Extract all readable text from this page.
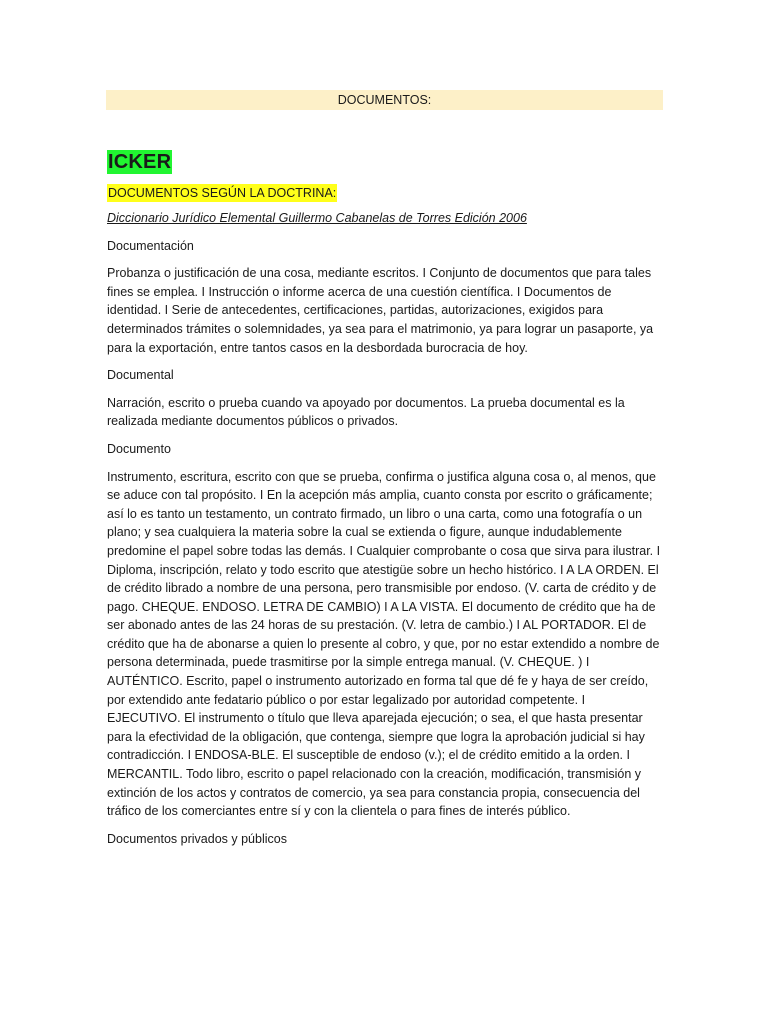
DOCUMENTOS:
ICKER
DOCUMENTOS SEGÚN LA DOCTRINA:

Diccionario Jurídico Elemental Guillermo Cabanelas de Torres Edición 2006

Documentación

Probanza o justificación de una cosa, mediante escritos. I Conjunto de documentos que para tales fines se emplea. I Instrucción o informe acerca de una cuestión científica. I Documentos de identidad. I Serie de antecedentes, certificaciones, partidas, autorizaciones, exigidos para determinados trámites o solemnidades, ya sea para el matrimonio, ya para lograr un pasaporte, ya para la exportación, entre tantos casos en la desbordada burocracia de hoy.

Documental

Narración, escrito o prueba cuando va apoyado por documentos. La prueba documental es la realizada mediante documentos públicos o privados.

Documento

Instrumento, escritura, escrito con que se prueba, confirma o justifica alguna cosa o, al menos, que se aduce con tal propósito. I En la acepción más amplia, cuanto consta por escrito o gráficamente; así lo es tanto un testamento, un contrato firmado, un libro o una carta, como una fotografía o un plano; y sea cualquiera la materia sobre la cual se extienda o figure, aunque indudablemente predomine el papel sobre todas las demás. I Cualquier comprobante o cosa que sirva para ilustrar. I Diploma, inscripción, relato y todo escrito que atestigüe sobre un hecho histórico. I A LA ORDEN. El de crédito librado a nombre de una persona, pero transmisible por endoso. (V. carta de crédito y de pago. CHEQUE. ENDOSO. LETRA DE CAMBIO) I A LA VISTA. El documento de crédito que ha de ser abonado antes de las 24 horas de su prestación. (V. letra de cambio.) I AL PORTADOR. El de crédito que ha de abonarse a quien lo presente al cobro, y que, por no estar extendido a nombre de persona determinada, puede trasmitirse por la simple entrega manual. (V. CHEQUE. ) I AUTÉNTICO. Escrito, papel o instrumento autorizado en forma tal que dé fe y haya de ser creído, por extendido ante fedatario público o por estar legalizado por autoridad competente. I EJECUTIVO. El instrumento o título que lleva aparejada ejecución; o sea, el que hasta presentar para la efectividad de la obligación, que contenga, siempre que logra la aprobación judicial si hay contradicción. I ENDOSA-BLE. El susceptible de endoso (v.); el de crédito emitido a la orden. I MERCANTIL. Todo libro, escrito o papel relacionado con la creación, modificación, transmisión y extinción de los actos y contratos de comercio, ya sea para constancia propia, consecuencia del tráfico de los comerciantes entre sí y con la clientela o para fines de interés público.

Documentos privados y públicos
